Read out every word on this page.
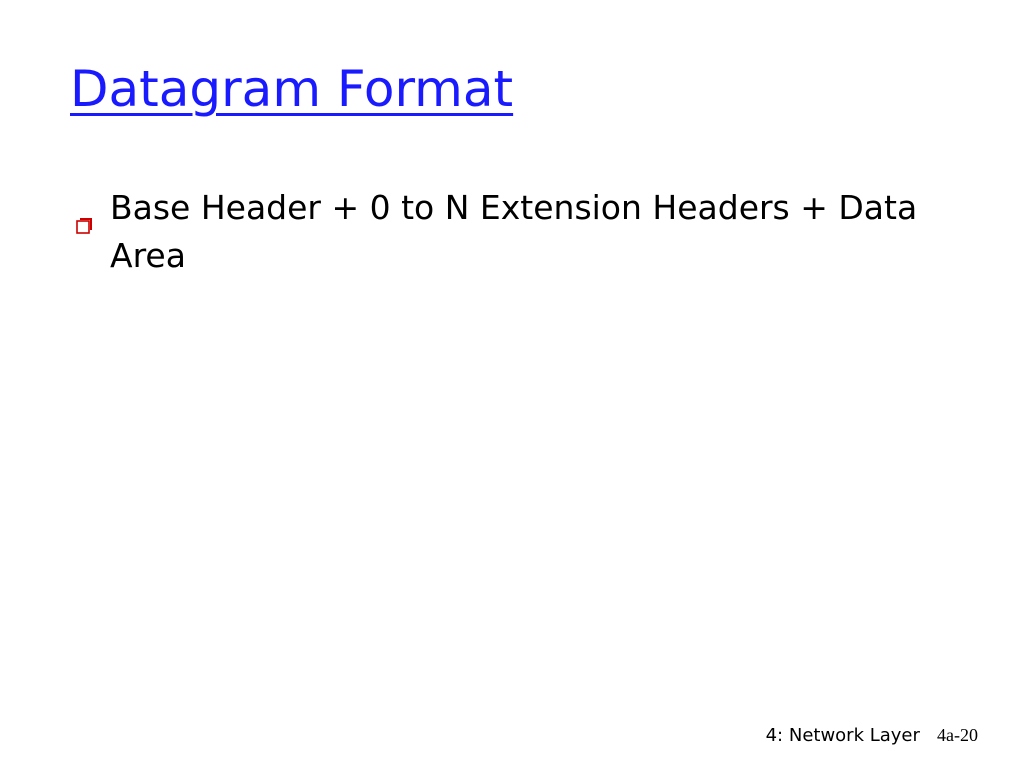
Datagram Format
Base Header + 0 to N Extension Headers + Data Area
4: Network Layer 4a-20
